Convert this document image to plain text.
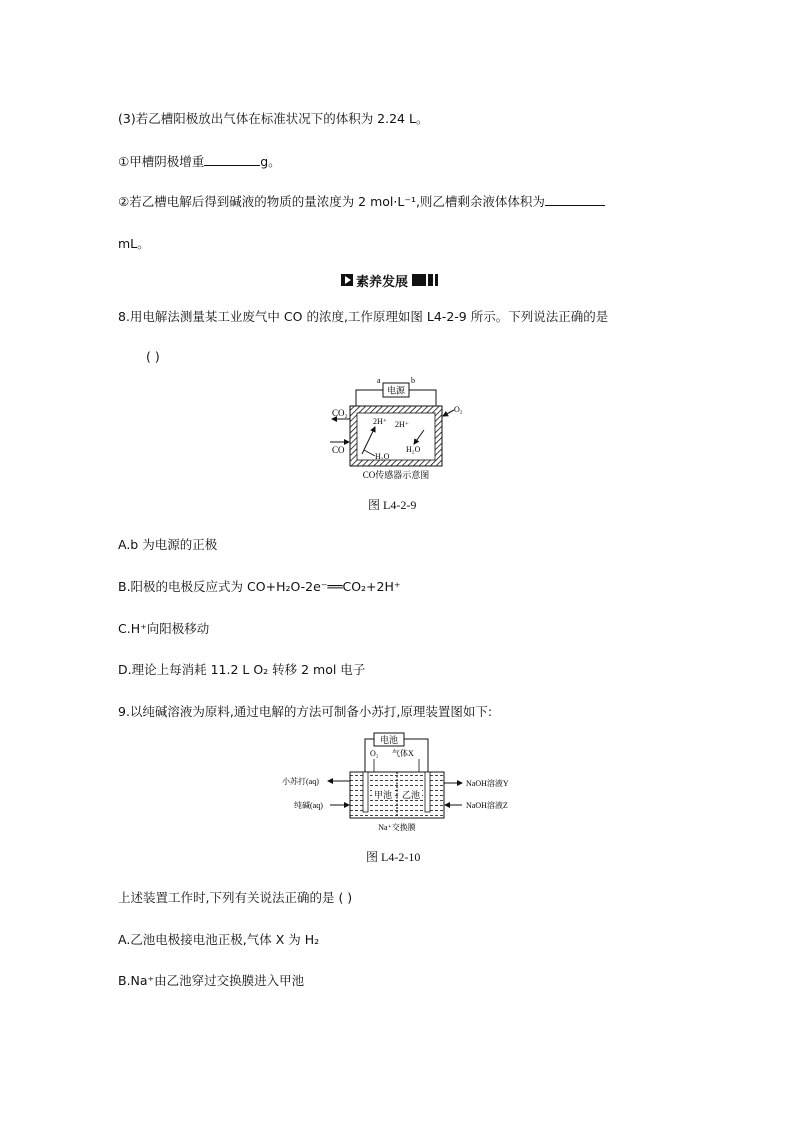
(3)若乙槽阳极放出气体在标准状况下的体积为 2.24 L。
①甲槽阴极增重	g。
②若乙槽电解后得到碱液的物质的量浓度为 2 mol·L⁻¹,则乙槽剩余液体体积为
mL。
素养发展
8.用电解法测量某工业废气中 CO 的浓度,工作原理如图 L4-2-9 所示。下列说法正确的是
( )
a	b
电源
CO₂
CO
O₂
2H⁺ 2H⁺
H₂O
H₂O
CO传感器示意图
图 L4-2-9
A.b 为电源的正极
B.阳极的电极反应式为 CO+H₂O-2e⁻══CO₂+2H⁺
C.H⁺向阳极移动
D.理论上每消耗 11.2 L O₂ 转移 2 mol 电子
9.以纯碱溶液为原料,通过电解的方法可制备小苏打,原理装置图如下:
电池
O₂ 气体X
甲池 乙池
小苏打(aq)
纯碱(aq)
NaOH溶液Y
NaOH溶液Z
Na⁺交换膜
图 L4-2-10
上述装置工作时,下列有关说法正确的是 ( )
A.乙池电极接电池正极,气体 X 为 H₂
B.Na⁺由乙池穿过交换膜进入甲池
